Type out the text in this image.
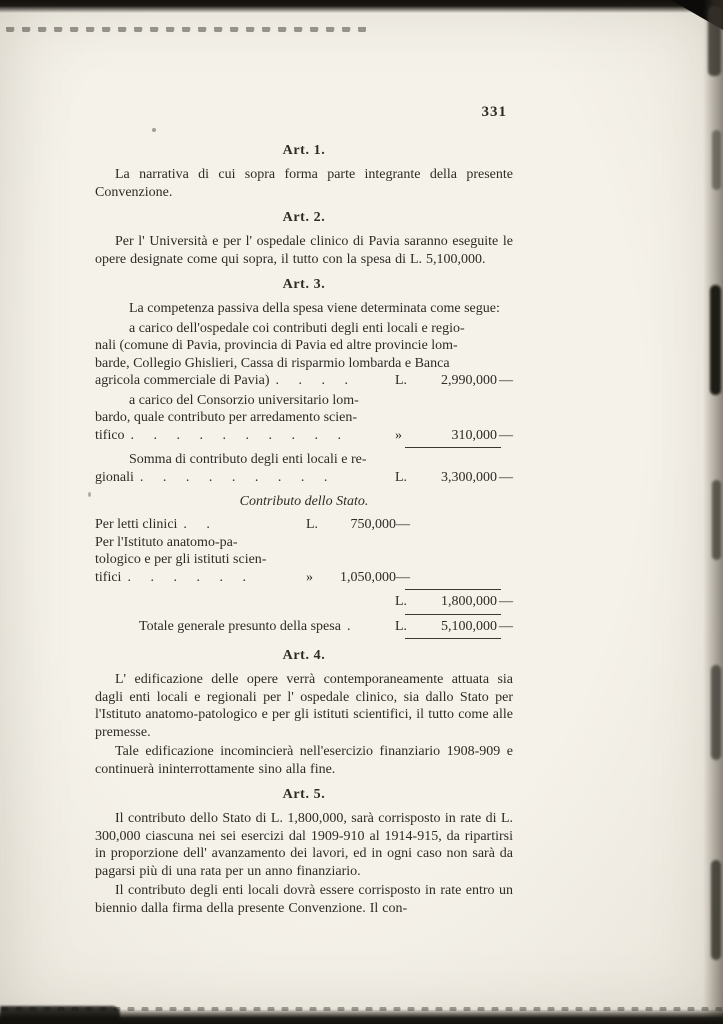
331
Art. 1.

La narrativa di cui sopra forma parte integrante della presente Convenzione.

Art. 2.

Per l' Università e per l' ospedale clinico di Pavia saranno eseguite le opere designate come qui sopra, il tutto con la spesa di L. 5,100,000.

Art. 3.
La competenza passiva della spesa viene determinata come segue:
a carico dell'ospedale coi contributi degli enti locali e regio-
nali (comune di Pavia, provincia di Pavia ed altre provincie lom-
barde, Collegio Ghislieri, Cassa di risparmio lombarda e Banca
agricola commerciale di Pavia) . . . .	L.	2,990,000 —
a carico del Consorzio universitario lom-
bardo, quale contributo per arredamento scien-
tifico . . . . . . . . . .	»	310,000 —
Somma di contributo degli enti locali e re-
gionali . . . . . . . . .	L.	3,300,000 —
Contributo dello Stato.
Per letti clinici . .	L.	750,000 —
Per l'Istituto anatomo-pa-
tologico e per gli istituti scien-
tifici . . . . . .	»	1,050,000 —
L.	1,800,000 —
Totale generale presunto della spesa .	L.	5,100,000 —
Art. 4.

L' edificazione delle opere verrà contemporaneamente attuata sia dagli enti locali e regionali per l' ospedale clinico, sia dallo Stato per l'Istituto anatomo-patologico e per gli istituti scientifici, il tutto come alle premesse.

Tale edificazione incomincierà nell'esercizio finanziario 1908-909 e continuerà ininterrottamente sino alla fine.

Art. 5.

Il contributo dello Stato di L. 1,800,000, sarà corrisposto in rate di L. 300,000 ciascuna nei sei esercizi dal 1909-910 al 1914-915, da ripartirsi in proporzione dell' avanzamento dei lavori, ed in ogni caso non sarà da pagarsi più di una rata per un anno finanziario.

Il contributo degli enti locali dovrà essere corrisposto in rate entro un biennio dalla firma della presente Convenzione. Il con-
